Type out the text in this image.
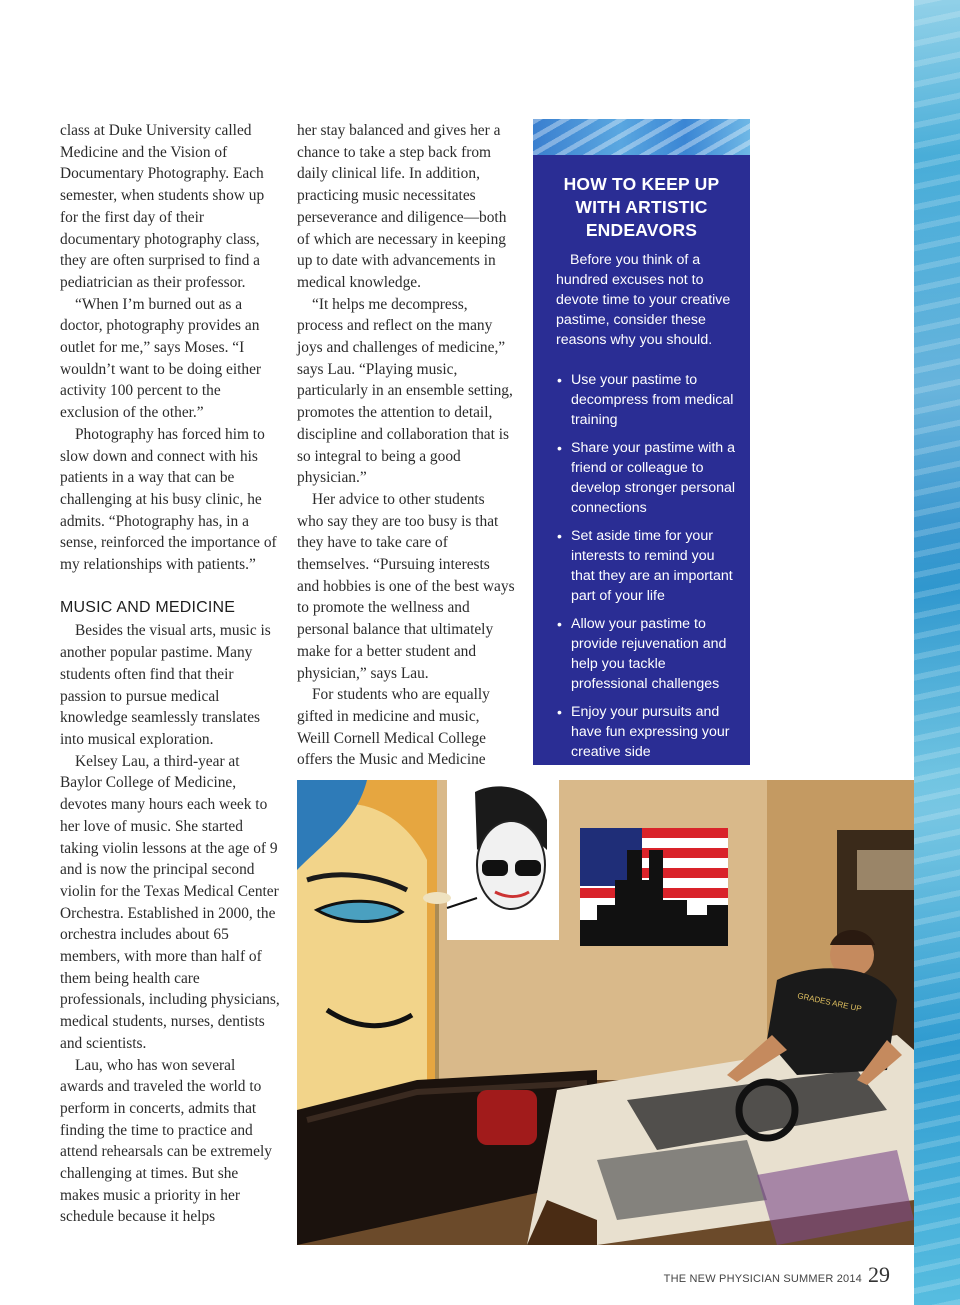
class at Duke University called Medicine and the Vision of Documentary Photography. Each semester, when students show up for the first day of their documentary photography class, they are often surprised to find a pediatrician as their professor.

“When I’m burned out as a doctor, photography provides an outlet for me,” says Moses. “I wouldn’t want to be doing either activity 100 percent to the exclusion of the other.”

Photography has forced him to slow down and connect with his patients in a way that can be challenging at his busy clinic, he admits. “Photography has, in a sense, reinforced the importance of my relationships with patients.”

MUSIC AND MEDICINE

Besides the visual arts, music is another popular pastime. Many students often find that their passion to pursue medical knowledge seamlessly translates into musical exploration.

Kelsey Lau, a third-year at Baylor College of Medicine, devotes many hours each week to her love of music. She started taking violin lessons at the age of 9 and is now the principal second violin for the Texas Medical Center Orchestra. Established in 2000, the orchestra includes about 65 members, with more than half of them being health care professionals, including physicians, medical students, nurses, dentists and scientists.

Lau, who has won several awards and traveled the world to perform in concerts, admits that finding the time to practice and attend rehearsals can be extremely challenging at times. But she makes music a priority in her schedule because it helps

her stay balanced and gives her a chance to take a step back from daily clinical life. In addition, practicing music necessitates perseverance and diligence—both of which are necessary in keeping up to date with advancements in medical knowledge.

“It helps me decompress, process and reflect on the many joys and challenges of medicine,” says Lau. “Playing music, particularly in an ensemble setting, promotes the attention to detail, discipline and collaboration that is so integral to being a good physician.”

Her advice to other students who say they are too busy is that they have to take care of themselves. “Pursuing interests and hobbies is one of the best ways to promote the wellness and personal balance that ultimately make for a better student and physician,” says Lau.

For students who are equally gifted in medicine and music, Weill Cornell Medical College offers the Music and Medicine

HOW TO KEEP UP WITH ARTISTIC ENDEAVORS
Before you think of a hundred excuses not to devote time to your creative pastime, consider these reasons why you should.
• Use your pastime to decompress from medical training
• Share your pastime with a friend or colleague to develop stronger personal connections
• Set aside time for your interests to remind you that they are an important part of your life
• Allow your pastime to provide rejuvenation and help you tackle professional challenges
• Enjoy your pursuits and have fun expressing your creative side
GRADES ARE UP
THE NEW PHYSICIAN SUMMER 2014 29
